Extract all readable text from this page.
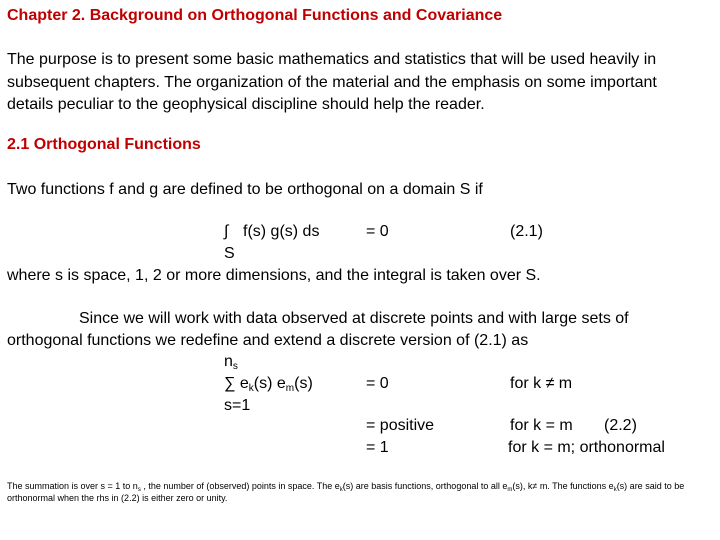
Chapter 2. Background on Orthogonal Functions and Covariance
The purpose is to present some basic mathematics and statistics that will be used heavily in
subsequent chapters. The organization of the material and the emphasis on some important
details peculiar to the geophysical discipline should help the reader.
2.1 Orthogonal Functions
Two functions f and g are defined to be orthogonal on a domain S if
∫ f(s) g(s) ds	= 0	(2.1)
S
where s is space, 1, 2 or more dimensions, and the integral is taken over S.
Since we will work with data observed at discrete points and with large sets of
orthogonal functions we redefine and extend a discrete version of (2.1) as
$n_s$
∑ $e_k(s)$ $e_m(s)$	= 0	for k ≠ m
s=1
= positive	for k = m (2.2)
= 1	for k = m; orthonormal
The summation is over s = 1 to $n_s$ , the number of (observed) points in space. The $e_k(s)$ are basis functions, orthogonal to all $e_m(s)$, k≠ m. The functions $e_k(s)$ are said to be orthonormal when the rhs in (2.2) is either zero or unity.
